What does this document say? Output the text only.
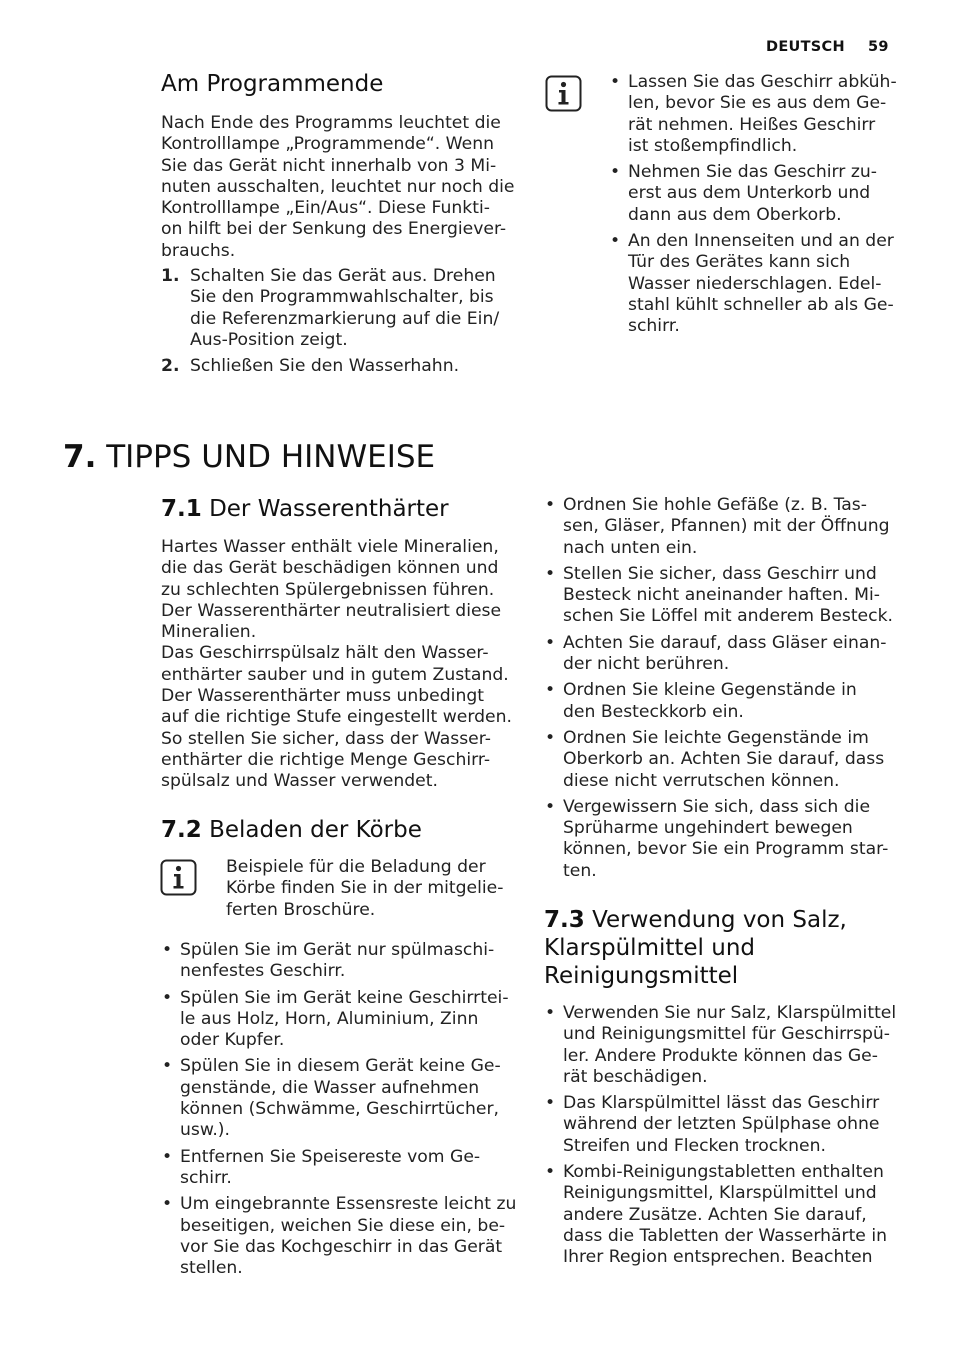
DEUTSCH 59
Am Programmende
Nach Ende des Programms leuchtet die
Kontrolllampe „Programmende“. Wenn
Sie das Gerät nicht innerhalb von 3 Mi-
nuten ausschalten, leuchtet nur noch die
Kontrolllampe „Ein/Aus“. Diese Funkti-
on hilft bei der Senkung des Energiever-
brauchs.
1. Schalten Sie das Gerät aus. Drehen
Sie den Programmwahlschalter, bis
die Referenzmarkierung auf die Ein/
Aus-Position zeigt.
2. Schließen Sie den Wasserhahn.
• Lassen Sie das Geschirr abküh-
len, bevor Sie es aus dem Ge-
rät nehmen. Heißes Geschirr
ist stoßempfindlich.
• Nehmen Sie das Geschirr zu-
erst aus dem Unterkorb und
dann aus dem Oberkorb.
• An den Innenseiten und an der
Tür des Gerätes kann sich
Wasser niederschlagen. Edel-
stahl kühlt schneller ab als Ge-
schirr.
7. TIPPS UND HINWEISE
7.1 Der Wasserenthärter
Hartes Wasser enthält viele Mineralien,
die das Gerät beschädigen können und
zu schlechten Spülergebnissen führen.
Der Wasserenthärter neutralisiert diese
Mineralien.
Das Geschirrspülsalz hält den Wasser-
enthärter sauber und in gutem Zustand.
Der Wasserenthärter muss unbedingt
auf die richtige Stufe eingestellt werden.
So stellen Sie sicher, dass der Wasser-
enthärter die richtige Menge Geschirr-
spülsalz und Wasser verwendet.
7.2 Beladen der Körbe
Beispiele für die Beladung der
Körbe finden Sie in der mitgelie-
ferten Broschüre.
• Spülen Sie im Gerät nur spülmaschi-
nenfestes Geschirr.
• Spülen Sie im Gerät keine Geschirrtei-
le aus Holz, Horn, Aluminium, Zinn
oder Kupfer.
• Spülen Sie in diesem Gerät keine Ge-
genstände, die Wasser aufnehmen
können (Schwämme, Geschirrtücher,
usw.).
• Entfernen Sie Speisereste vom Ge-
schirr.
• Um eingebrannte Essensreste leicht zu
beseitigen, weichen Sie diese ein, be-
vor Sie das Kochgeschirr in das Gerät
stellen.
• Ordnen Sie hohle Gefäße (z. B. Tas-
sen, Gläser, Pfannen) mit der Öffnung
nach unten ein.
• Stellen Sie sicher, dass Geschirr und
Besteck nicht aneinander haften. Mi-
schen Sie Löffel mit anderem Besteck.
• Achten Sie darauf, dass Gläser einan-
der nicht berühren.
• Ordnen Sie kleine Gegenstände in
den Besteckkorb ein.
• Ordnen Sie leichte Gegenstände im
Oberkorb an. Achten Sie darauf, dass
diese nicht verrutschen können.
• Vergewissern Sie sich, dass sich die
Sprüharme ungehindert bewegen
können, bevor Sie ein Programm star-
ten.
7.3 Verwendung von Salz,
Klarspülmittel und
Reinigungsmittel
• Verwenden Sie nur Salz, Klarspülmittel
und Reinigungsmittel für Geschirrspü-
ler. Andere Produkte können das Ge-
rät beschädigen.
• Das Klarspülmittel lässt das Geschirr
während der letzten Spülphase ohne
Streifen und Flecken trocknen.
• Kombi-Reinigungstabletten enthalten
Reinigungsmittel, Klarspülmittel und
andere Zusätze. Achten Sie darauf,
dass die Tabletten der Wasserhärte in
Ihrer Region entsprechen. Beachten
